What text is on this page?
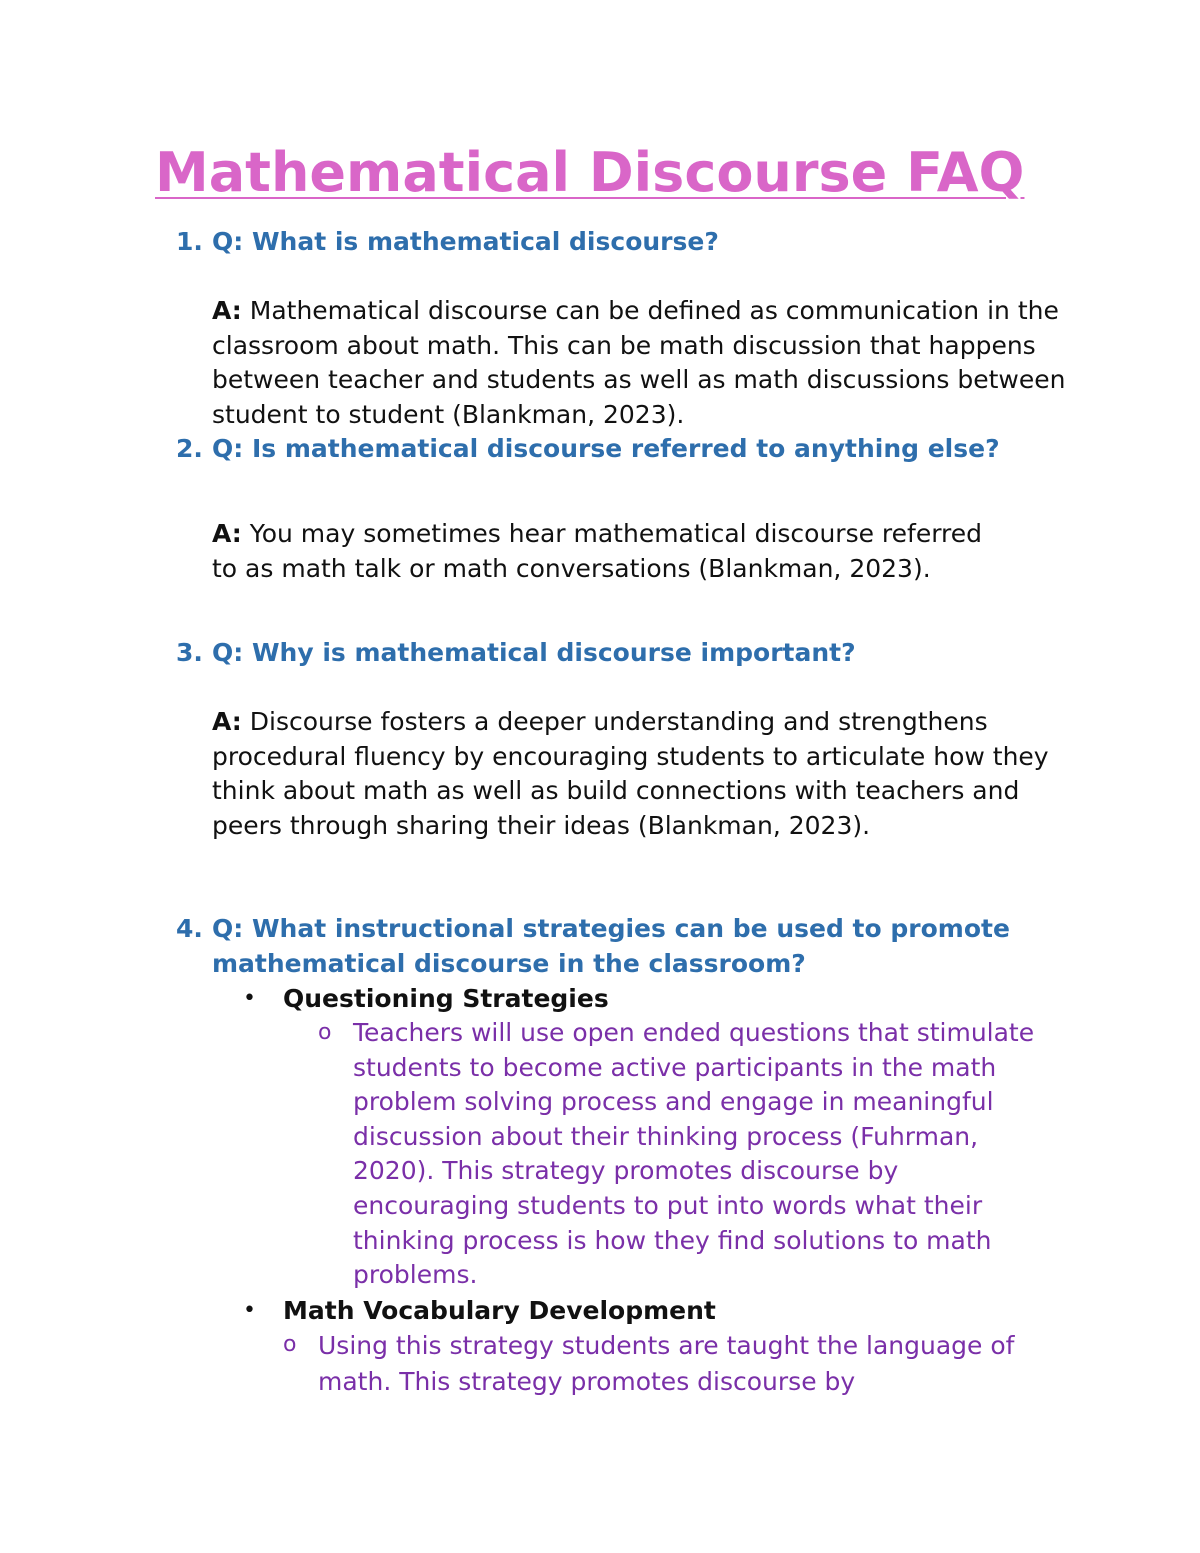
Mathematical Discourse FAQ
1. Q: What is mathematical discourse?
A: Mathematical discourse can be defined as communication in the classroom about math. This can be math discussion that happens between teacher and students as well as math discussions between student to student (Blankman, 2023).
2. Q: Is mathematical discourse referred to anything else?
A: You may sometimes hear mathematical discourse referred to as math talk or math conversations (Blankman, 2023).
3. Q: Why is mathematical discourse important?
A: Discourse fosters a deeper understanding and strengthens procedural fluency by encouraging students to articulate how they think about math as well as build connections with teachers and peers through sharing their ideas (Blankman, 2023).
4. Q: What instructional strategies can be used to promote mathematical discourse in the classroom?
• Questioning Strategies
o Teachers will use open ended questions that stimulate students to become active participants in the math problem solving process and engage in meaningful discussion about their thinking process (Fuhrman, 2020). This strategy promotes discourse by encouraging students to put into words what their thinking process is how they find solutions to math problems.
• Math Vocabulary Development
o Using this strategy students are taught the language of math. This strategy promotes discourse by
